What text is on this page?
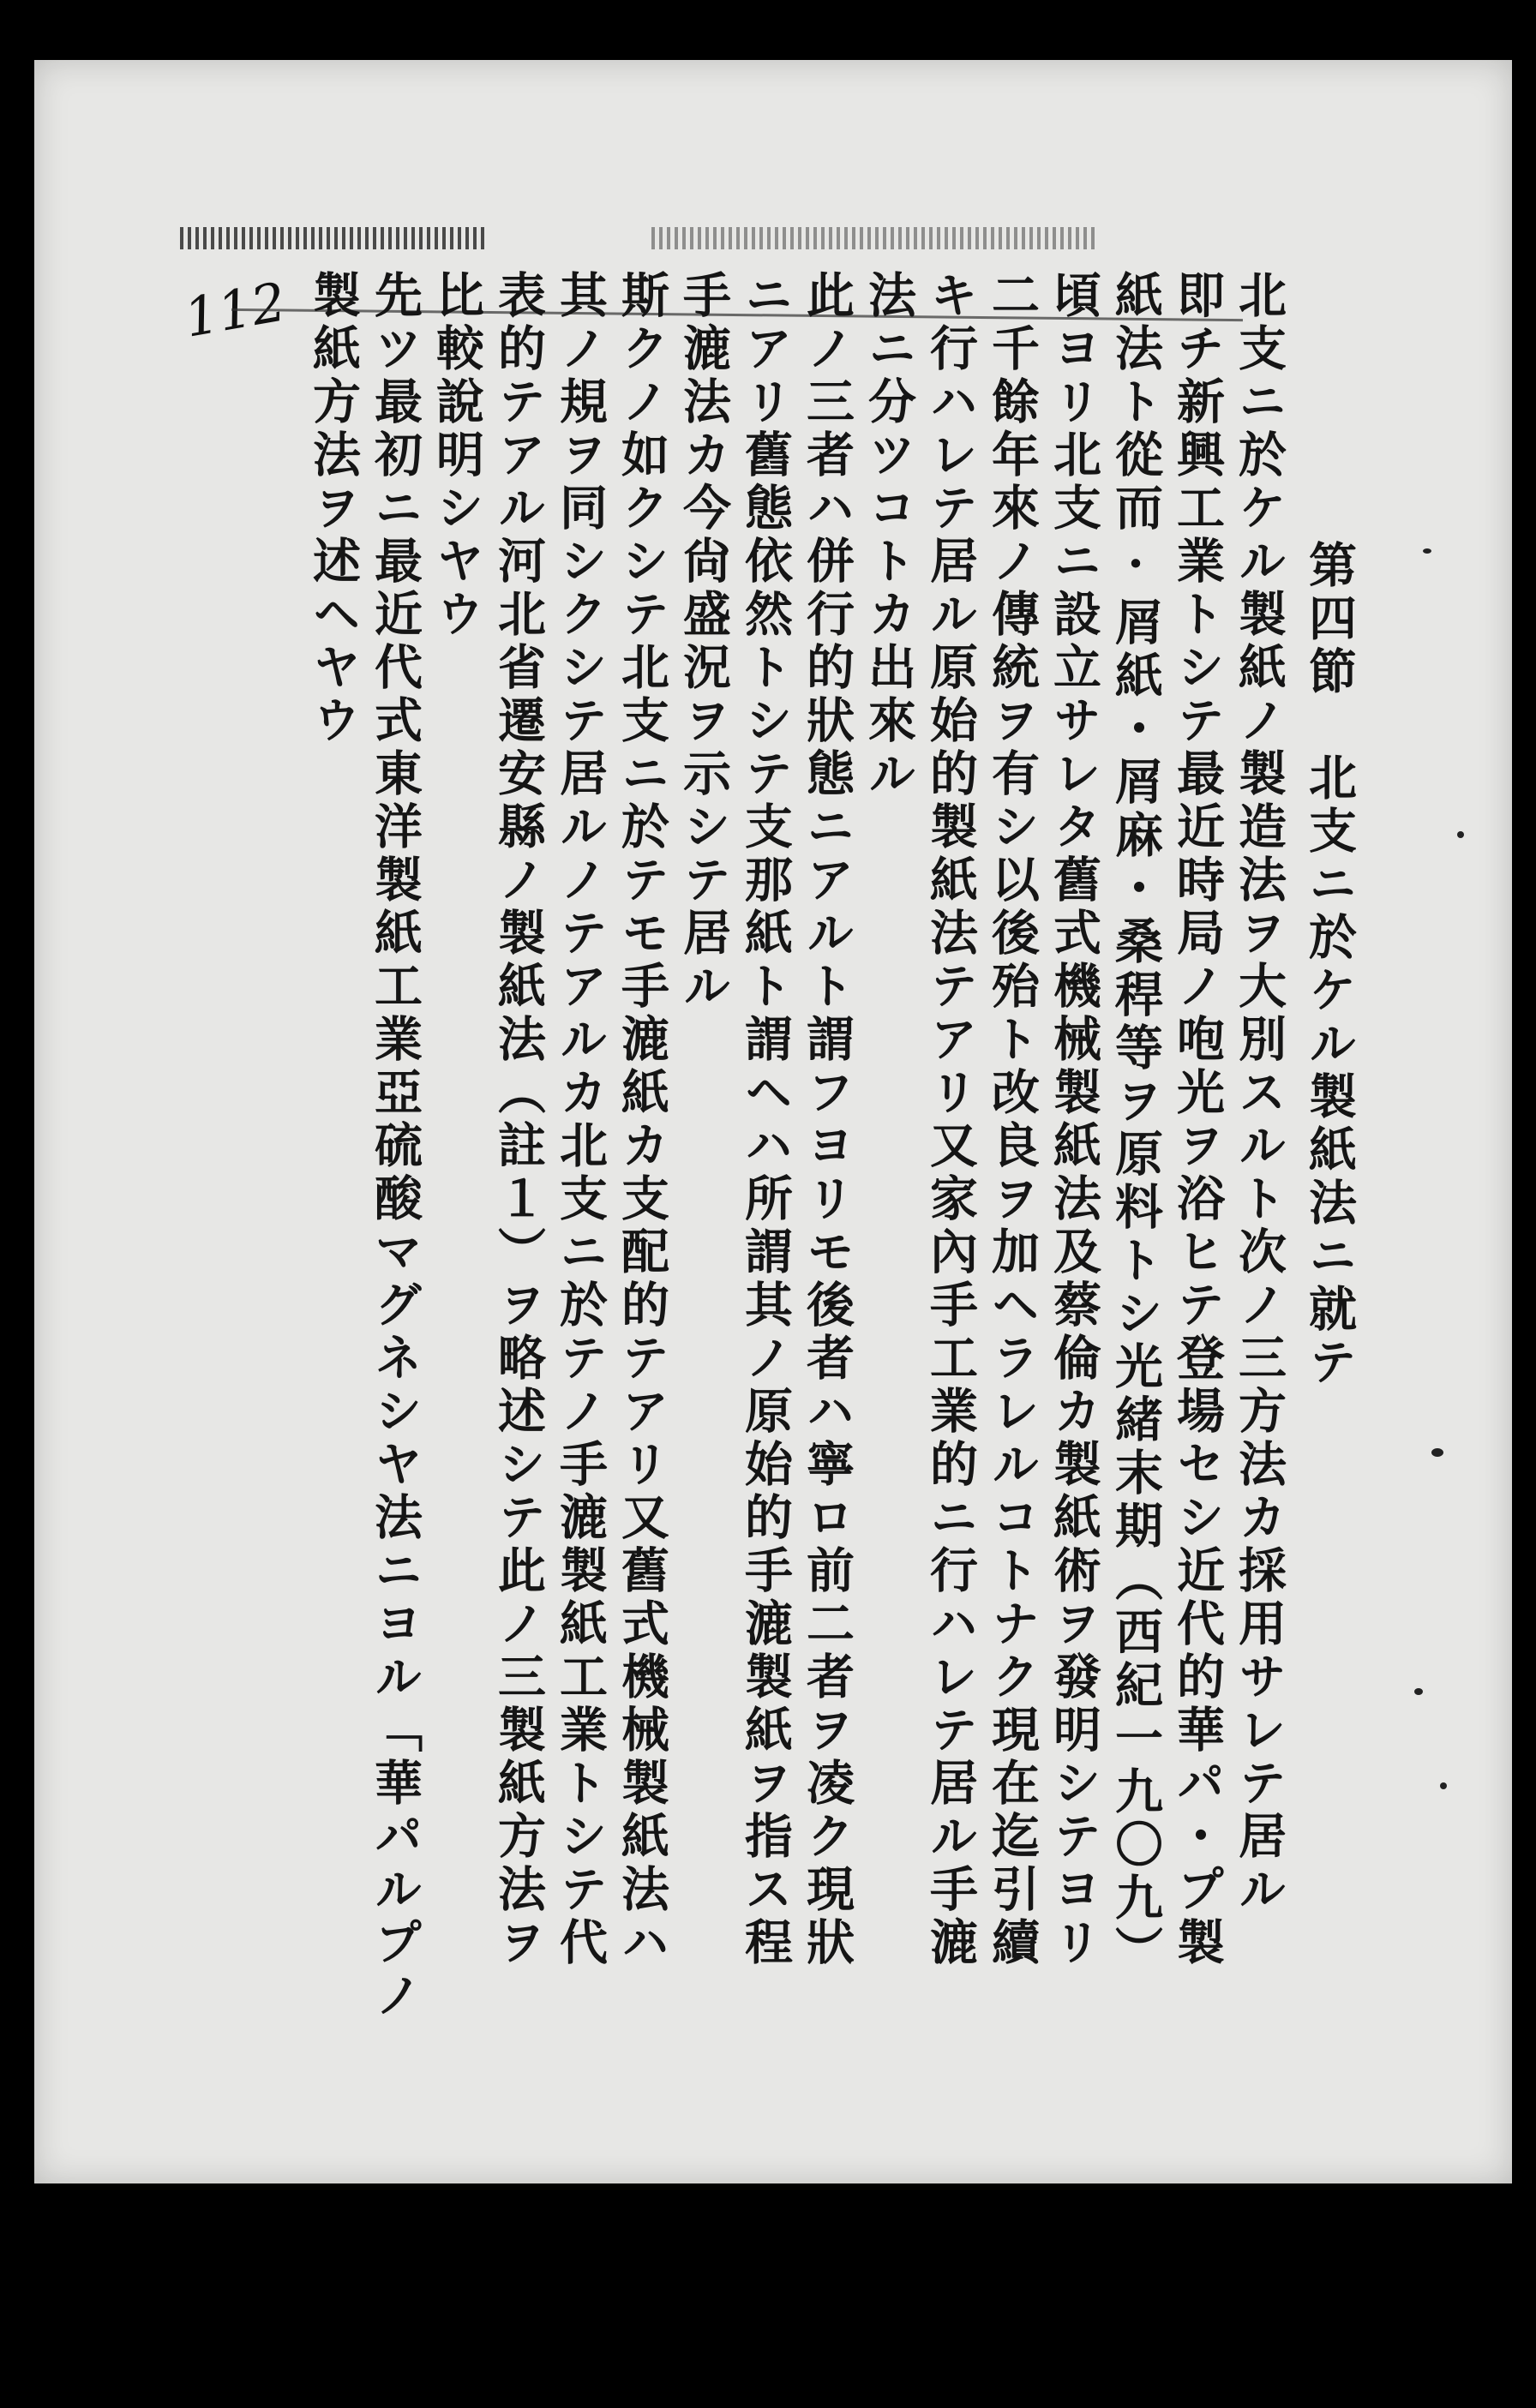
112
第四節　北支ニ於ケル製紙法ニ就テ
北支ニ於ケル製紙ノ製造法ヲ大別スルト次ノ三方法カ採用サレテ居ル
即チ新興工業トシテ最近時局ノ咆光ヲ浴ヒテ登場セシ近代的華パ・プ製
紙法ト從而·屑紙・屑麻・桑稈等ヲ原料トシ光緒末期（西紀一九〇九）
頃ヨリ北支ニ設立サレタ舊式機械製紙法及蔡倫カ製紙術ヲ發明シテヨリ
二千餘年來ノ傳統ヲ有シ以後殆ト改良ヲ加ヘラレルコトナク現在迄引續
キ行ハレテ居ル原始的製紙法テアリ又家內手工業的ニ行ハレテ居ル手漉
法ニ分ツコトカ出來ル
此ノ三者ハ併行的狀態ニアルト謂フヨリモ後者ハ寧ロ前二者ヲ凌ク現狀
ニアリ舊態依然トシテ支那紙ト謂ヘハ所謂其ノ原始的手漉製紙ヲ指ス程
手漉法カ今尙盛況ヲ示シテ居ル
斯クノ如クシテ北支ニ於テモ手漉紙カ支配的テアリ又舊式機械製紙法ハ
其ノ規ヲ同シクシテ居ルノテアルカ北支ニ於テノ手漉製紙工業トシテ代
表的テアル河北省遷安縣ノ製紙法（註１）ヲ略述シテ此ノ三製紙方法ヲ
比較說明シヤウ
先ツ最初ニ最近代式東洋製紙工業亞硫酸マグネシヤ法ニヨル「華パルプノ
製紙方法ヲ述ヘヤウ
